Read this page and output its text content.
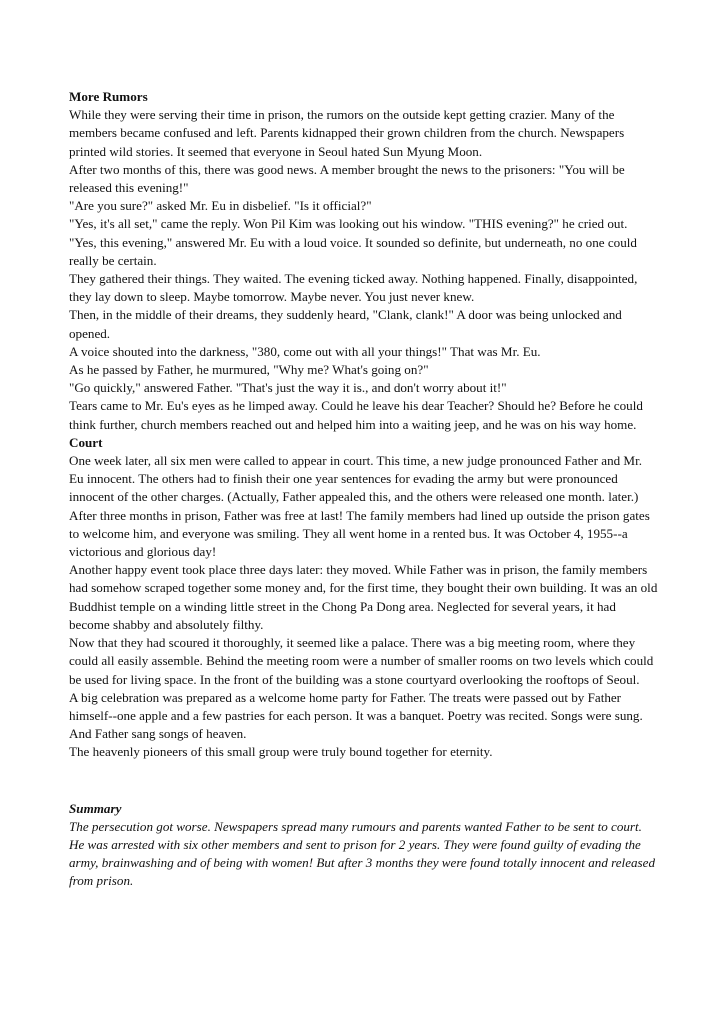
More Rumors

While they were serving their time in prison, the rumors on the outside kept getting crazier. Many of the members became confused and left. Parents kidnapped their grown children from the church. Newspapers printed wild stories. It seemed that everyone in Seoul hated Sun Myung Moon.

After two months of this, there was good news. A member brought the news to the prisoners: "You will be released this evening!"

"Are you sure?" asked Mr. Eu in disbelief. "Is it official?"

"Yes, it's all set," came the reply. Won Pil Kim was looking out his window. "THIS evening?" he cried out.

"Yes, this evening," answered Mr. Eu with a loud voice. It sounded so definite, but underneath, no one could really be certain.

They gathered their things. They waited. The evening ticked away. Nothing happened. Finally, disappointed, they lay down to sleep. Maybe tomorrow. Maybe never. You just never knew.

Then, in the middle of their dreams, they suddenly heard, "Clank, clank!" A door was being unlocked and opened.

A voice shouted into the darkness, "380, come out with all your things!" That was Mr. Eu.

As he passed by Father, he murmured, "Why me? What's going on?"

"Go quickly," answered Father. "That's just the way it is., and don't worry about it!"

Tears came to Mr. Eu's eyes as he limped away. Could he leave his dear Teacher? Should he? Before he could think further, church members reached out and helped him into a waiting jeep, and he was on his way home.

Court

One week later, all six men were called to appear in court. This time, a new judge pronounced Father and Mr. Eu innocent. The others had to finish their one year sentences for evading the army but were pronounced innocent of the other charges. (Actually, Father appealed this, and the others were released one month. later.)

After three months in prison, Father was free at last! The family members had lined up outside the prison gates to welcome him, and everyone was smiling. They all went home in a rented bus. It was October 4, 1955--a victorious and glorious day!

Another happy event took place three days later: they moved. While Father was in prison, the family members had somehow scraped together some money and, for the first time, they bought their own building. It was an old Buddhist temple on a winding little street in the Chong Pa Dong area. Neglected for several years, it had become shabby and absolutely filthy.

Now that they had scoured it thoroughly, it seemed like a palace. There was a big meeting room, where they could all easily assemble. Behind the meeting room were a number of smaller rooms on two levels which could be used for living space. In the front of the building was a stone courtyard overlooking the rooftops of Seoul.

A big celebration was prepared as a welcome home party for Father. The treats were passed out by Father himself--one apple and a few pastries for each person. It was a banquet. Poetry was recited. Songs were sung. And Father sang songs of heaven.

The heavenly pioneers of this small group were truly bound together for eternity.

Summary

The persecution got worse. Newspapers spread many rumours and parents wanted Father to be sent to court. He was arrested with six other members and sent to prison for 2 years. They were found guilty of evading the army, brainwashing and of being with women! But after 3 months they were found totally innocent and released from prison.
